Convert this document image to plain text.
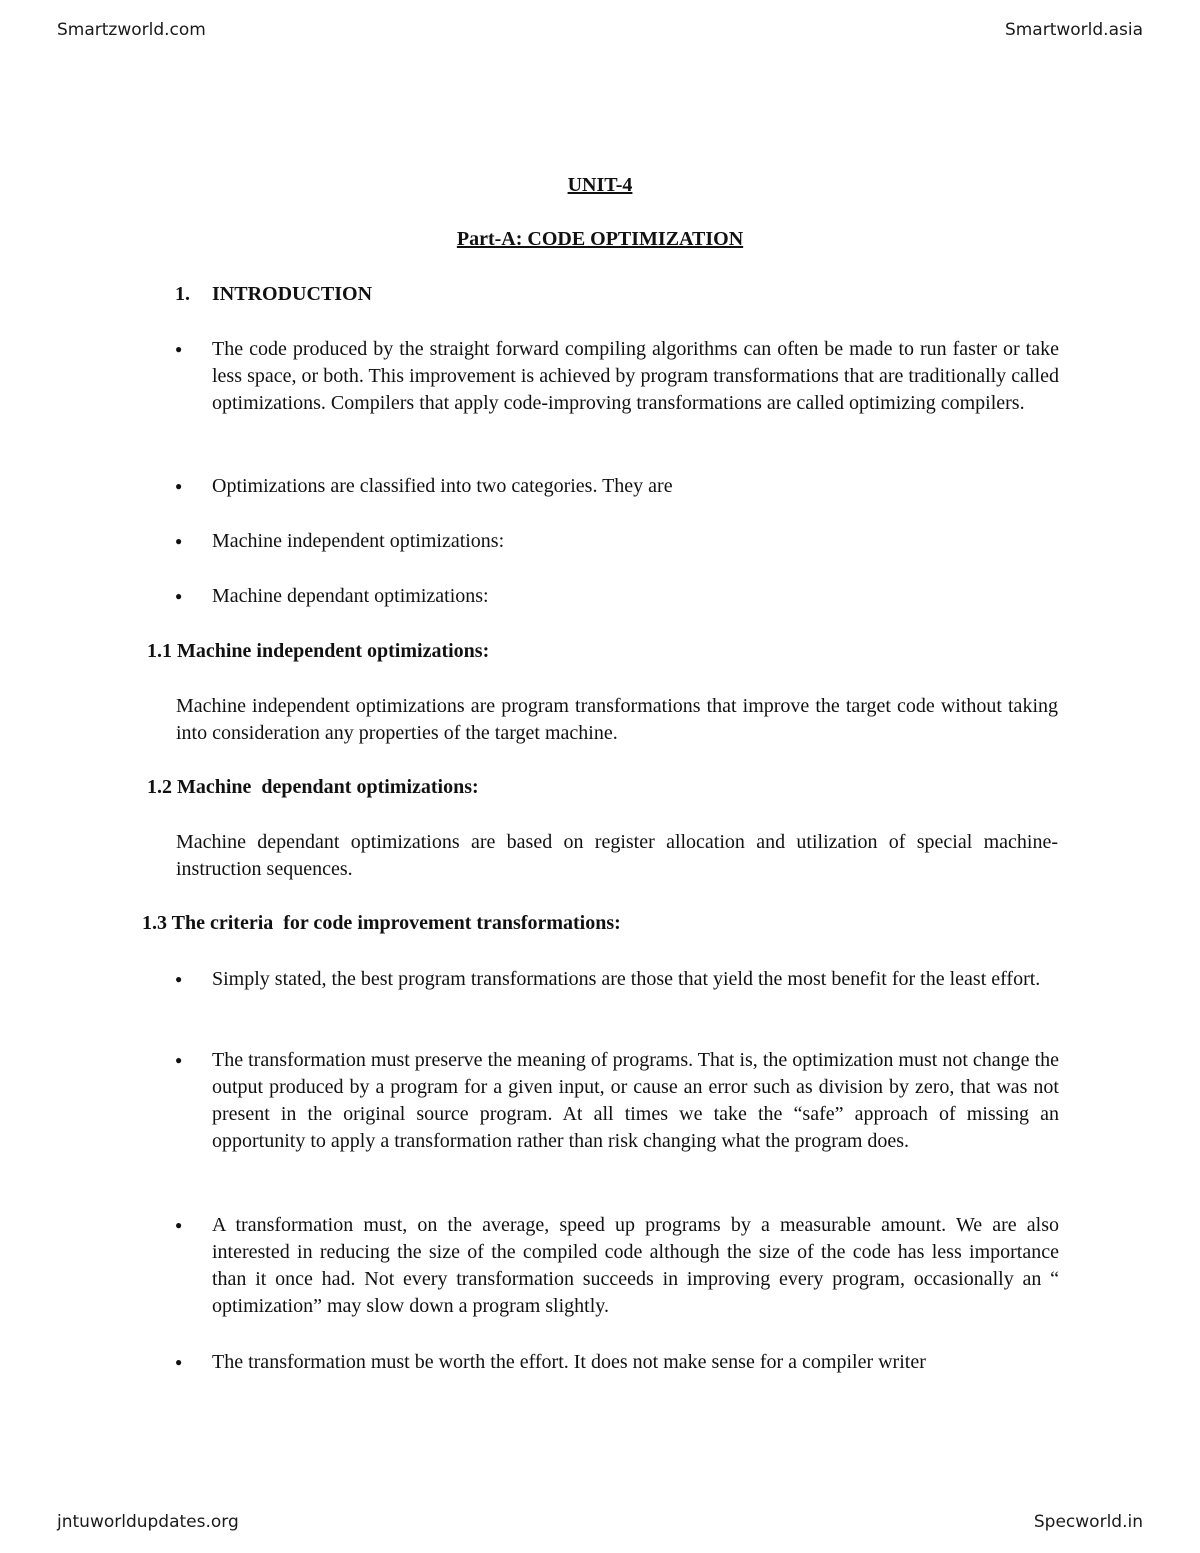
Smartzworld.com	Smartworld.asia
UNIT-4
Part-A: CODE OPTIMIZATION
1. INTRODUCTION
The code produced by the straight forward compiling algorithms can often be made to run faster or take less space, or both. This improvement is achieved by program transformations that are traditionally called optimizations. Compilers that apply code-improving transformations are called optimizing compilers.
Optimizations are classified into two categories. They are
Machine independent optimizations:
Machine dependant optimizations:
1.1 Machine independent optimizations:
Machine independent optimizations are program transformations that improve the target code without taking into consideration any properties of the target machine.
1.2 Machine  dependant optimizations:
Machine dependant optimizations are based on register allocation and utilization of special machine- instruction sequences.
1.3 The criteria  for code improvement transformations:
Simply stated, the best program transformations are those that yield the most benefit for the least effort.
The transformation must preserve the meaning of programs. That is, the optimization must not change the output produced by a program for a given input, or cause an error such as division by zero, that was not present in the original source program. At all times we take the “safe” approach of missing an opportunity to apply a transformation rather than risk changing what the program does.
A transformation must, on the average, speed up programs by a measurable amount. We are also interested in reducing the size of the compiled code although the size of the code has less importance than it once had. Not every transformation succeeds in improving every program, occasionally an “ optimization” may slow down a program slightly.
The transformation must be worth the effort. It does not make sense for a compiler writer
jntuworldupdates.org	Specworld.in
